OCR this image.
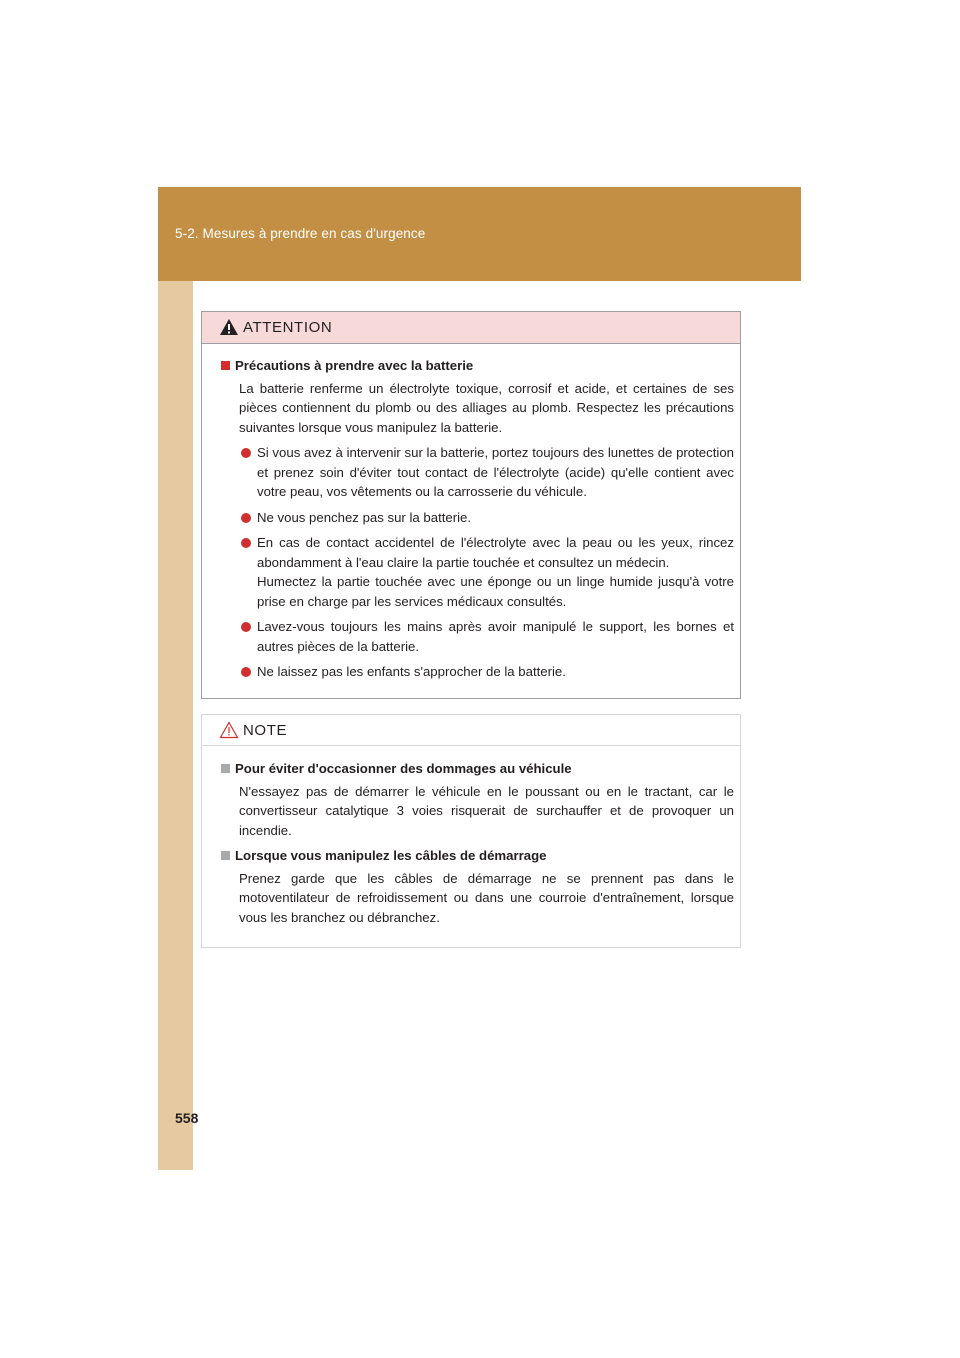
5-2. Mesures à prendre en cas d'urgence
ATTENTION

Précautions à prendre avec la batterie

La batterie renferme un électrolyte toxique, corrosif et acide, et certaines de ses pièces contiennent du plomb ou des alliages au plomb. Respectez les précautions suivantes lorsque vous manipulez la batterie.

Si vous avez à intervenir sur la batterie, portez toujours des lunettes de protection et prenez soin d'éviter tout contact de l'électrolyte (acide) qu'elle contient avec votre peau, vos vêtements ou la carrosserie du véhicule.
Ne vous penchez pas sur la batterie.
En cas de contact accidentel de l'électrolyte avec la peau ou les yeux, rincez abondamment à l'eau claire la partie touchée et consultez un médecin.
Humectez la partie touchée avec une éponge ou un linge humide jusqu'à votre prise en charge par les services médicaux consultés.
Lavez-vous toujours les mains après avoir manipulé le support, les bornes et autres pièces de la batterie.
Ne laissez pas les enfants s'approcher de la batterie.
NOTE

Pour éviter d'occasionner des dommages au véhicule

N'essayez pas de démarrer le véhicule en le poussant ou en le tractant, car le convertisseur catalytique 3 voies risquerait de surchauffer et de provoquer un incendie.

Lorsque vous manipulez les câbles de démarrage

Prenez garde que les câbles de démarrage ne se prennent pas dans le motoventilateur de refroidissement ou dans une courroie d'entraînement, lorsque vous les branchez ou débranchez.

558
